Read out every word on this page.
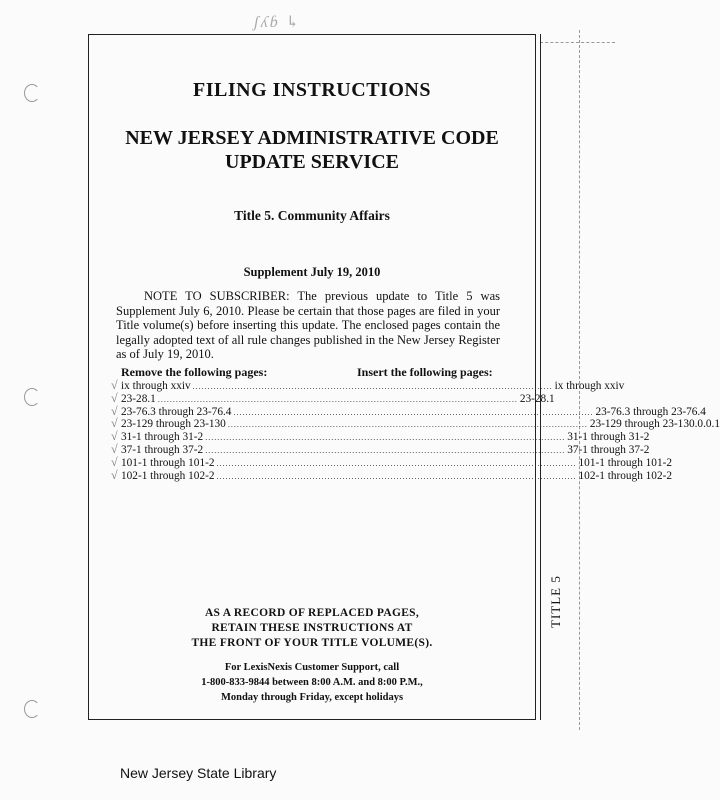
ʃʎɓ ↳
FILING INSTRUCTIONS
NEW JERSEY ADMINISTRATIVE CODE
UPDATE SERVICE
Title 5. Community Affairs
Supplement July 19, 2010
NOTE TO SUBSCRIBER: The previous update to Title 5 was Supplement July 6, 2010. Please be certain that those pages are filed in your Title volume(s) before inserting this update. The enclosed pages contain the legally adopted text of all rule changes published in the New Jersey Register as of July 19, 2010.
Remove the following pages:	Insert the following pages:
ix through xxiv ........................................................................................................................ ix through xxiv
√
23-28.1 ........................................................................................................................ 23-28.1
√
23-76.3 through 23-76.4 ........................................................................................................................ 23-76.3 through 23-76.4
√
23-129 through 23-130 ........................................................................................................................ 23-129 through 23-130.0.0.1
√
31-1 through 31-2 ........................................................................................................................ 31-1 through 31-2
√
37-1 through 37-2 ........................................................................................................................ 37-1 through 37-2
√
101-1 through 101-2 ........................................................................................................................ 101-1 through 101-2
√
102-1 through 102-2 ........................................................................................................................ 102-1 through 102-2
√
AS A RECORD OF REPLACED PAGES,
RETAIN THESE INSTRUCTIONS AT
THE FRONT OF YOUR TITLE VOLUME(S).
For LexisNexis Customer Support, call
1-800-833-9844 between 8:00 A.M. and 8:00 P.M.,
Monday through Friday, except holidays
TITLE 5
New Jersey State Library
